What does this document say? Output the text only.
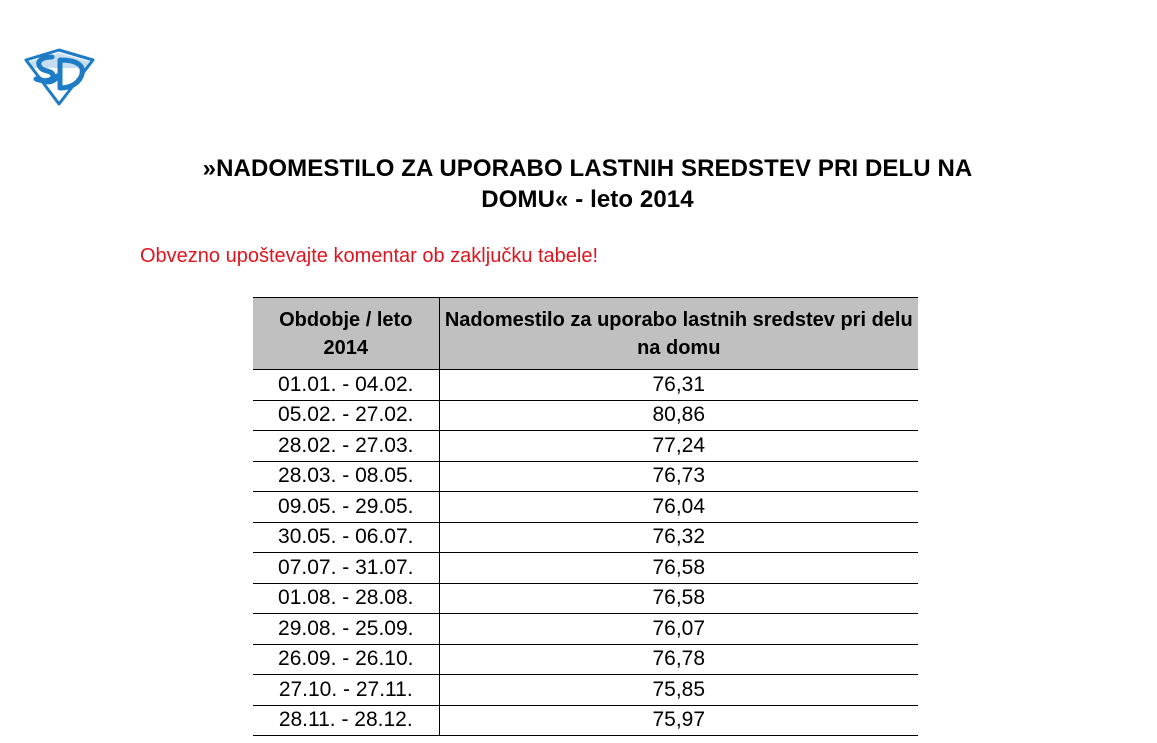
»NADOMESTILO ZA UPORABO LASTNIH SREDSTEV PRI DELU NA
DOMU« - leto 2014
Obvezno upoštevajte komentar ob zaključku tabele!
Obdobje / leto 2014	Nadomestilo za uporabo lastnih sredstev pri delu na domu
01.01. - 04.02.	76,31
05.02. - 27.02.	80,86
28.02. - 27.03.	77,24
28.03. - 08.05.	76,73
09.05. - 29.05.	76,04
30.05. - 06.07.	76,32
07.07. - 31.07.	76,58
01.08. - 28.08.	76,58
29.08. - 25.09.	76,07
26.09. - 26.10.	76,78
27.10. - 27.11.	75,85
28.11. - 28.12.	75,97
